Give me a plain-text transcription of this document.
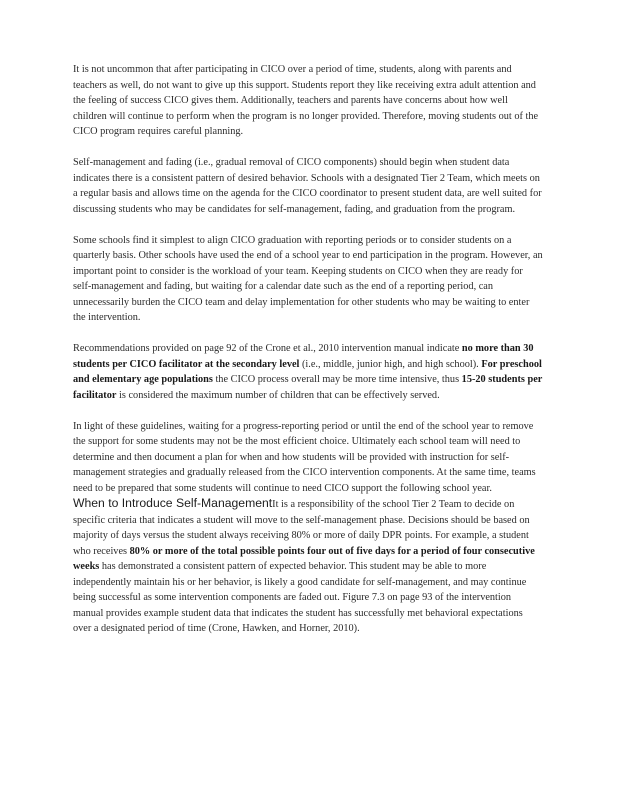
It is not uncommon that after participating in CICO over a period of time, students, along with parents and teachers as well, do not want to give up this support. Students report they like receiving extra adult attention and the feeling of success CICO gives them. Additionally, teachers and parents have concerns about how well children will continue to perform when the program is no longer provided. Therefore, moving students out of the CICO program requires careful planning.

Self-management and fading (i.e., gradual removal of CICO components) should begin when student data indicates there is a consistent pattern of desired behavior. Schools with a designated Tier 2 Team, which meets on a regular basis and allows time on the agenda for the CICO coordinator to present student data, are well suited for discussing students who may be candidates for self-management, fading, and graduation from the program.

Some schools find it simplest to align CICO graduation with reporting periods or to consider students on a quarterly basis. Other schools have used the end of a school year to end participation in the program. However, an important point to consider is the workload of your team. Keeping students on CICO when they are ready for self-management and fading, but waiting for a calendar date such as the end of a reporting period, can unnecessarily burden the CICO team and delay implementation for other students who may be waiting to enter the intervention.

Recommendations provided on page 92 of the Crone et al., 2010 intervention manual indicate no more than 30 students per CICO facilitator at the secondary level (i.e., middle, junior high, and high school). For preschool and elementary age populations the CICO process overall may be more time intensive, thus 15-20 students per facilitator is considered the maximum number of children that can be effectively served.

In light of these guidelines, waiting for a progress-reporting period or until the end of the school year to remove the support for some students may not be the most efficient choice. Ultimately each school team will need to determine and then document a plan for when and how students will be provided with instruction for self-management strategies and gradually released from the CICO intervention components. At the same time, teams need to be prepared that some students will continue to need CICO support the following school year.

When to Introduce Self-ManagementIt is a responsibility of the school Tier 2 Team to decide on specific criteria that indicates a student will move to the self-management phase. Decisions should be based on majority of days versus the student always receiving 80% or more of daily DPR points. For example, a student who receives 80% or more of the total possible points four out of five days for a period of four consecutive weeks has demonstrated a consistent pattern of expected behavior. This student may be able to more independently maintain his or her behavior, is likely a good candidate for self-management, and may continue being successful as some intervention components are faded out. Figure 7.3 on page 93 of the intervention manual provides example student data that indicates the student has successfully met behavioral expectations over a designated period of time (Crone, Hawken, and Horner, 2010).
